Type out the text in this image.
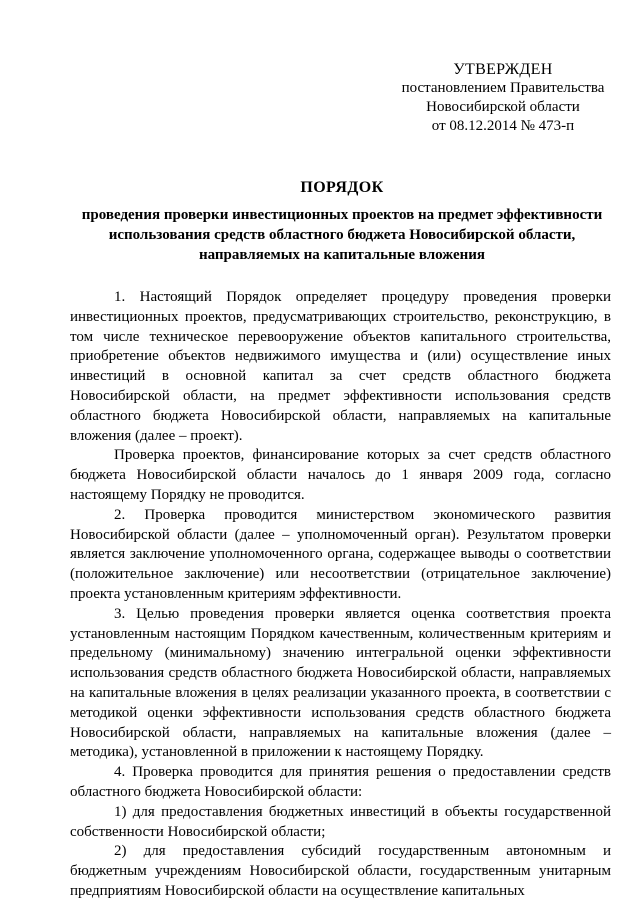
УТВЕРЖДЕН
постановлением Правительства
Новосибирской области
от 08.12.2014 № 473-п
ПОРЯДОК
проведения проверки инвестиционных проектов на предмет эффективности
использования средств областного бюджета Новосибирской области,
направляемых на капитальные вложения

1. Настоящий Порядок определяет процедуру проведения проверки инвестиционных проектов, предусматривающих строительство, реконструкцию, в том числе техническое перевооружение объектов капитального строительства, приобретение объектов недвижимого имущества и (или) осуществление иных инвестиций в основной капитал за счет средств областного бюджета Новосибирской области, на предмет эффективности использования средств областного бюджета Новосибирской области, направляемых на капитальные вложения (далее – проект).

Проверка проектов, финансирование которых за счет средств областного бюджета Новосибирской области началось до 1 января 2009 года, согласно настоящему Порядку не проводится.

2. Проверка проводится министерством экономического развития Новосибирской области (далее – уполномоченный орган). Результатом проверки является заключение уполномоченного органа, содержащее выводы о соответствии (положительное заключение) или несоответствии (отрицательное заключение) проекта установленным критериям эффективности.

3. Целью проведения проверки является оценка соответствия проекта установленным настоящим Порядком качественным, количественным критериям и предельному (минимальному) значению интегральной оценки эффективности использования средств областного бюджета Новосибирской области, направляемых на капитальные вложения в целях реализации указанного проекта, в соответствии с методикой оценки эффективности использования средств областного бюджета Новосибирской области, направляемых на капитальные вложения (далее – методика), установленной в приложении к настоящему Порядку.

4. Проверка проводится для принятия решения о предоставлении средств областного бюджета Новосибирской области:

1) для предоставления бюджетных инвестиций в объекты государственной собственности Новосибирской области;

2) для предоставления субсидий государственным автономным и бюджетным учреждениям Новосибирской области, государственным унитарным предприятиям Новосибирской области на осуществление капитальных
